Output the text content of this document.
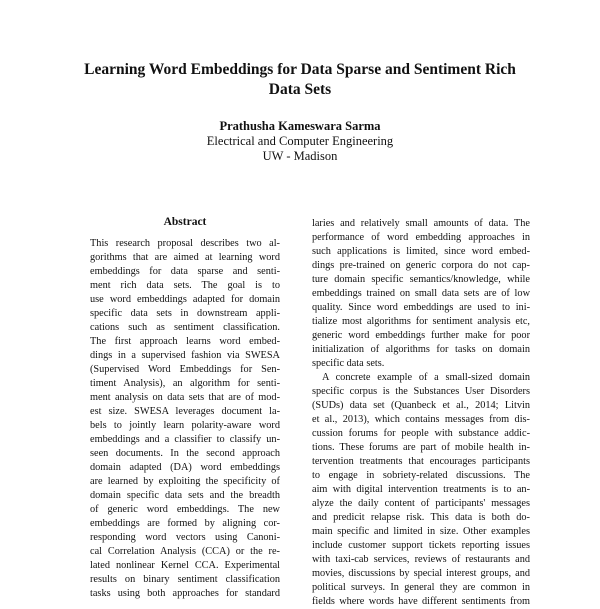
Learning Word Embeddings for Data Sparse and Sentiment Rich Data Sets
Prathusha Kameswara Sarma
Electrical and Computer Engineering
UW - Madison
Abstract
This research proposal describes two al-
gorithms that are aimed at learning word
embeddings for data sparse and senti-
ment rich data sets. The goal is to
use word embeddings adapted for domain
specific data sets in downstream appli-
cations such as sentiment classification.
The first approach learns word embed-
dings in a supervised fashion via SWESA
(Supervised Word Embeddings for Sen-
timent Analysis), an algorithm for senti-
ment analysis on data sets that are of mod-
est size. SWESA leverages document la-
bels to jointly learn polarity-aware word
embeddings and a classifier to classify un-
seen documents. In the second approach
domain adapted (DA) word embeddings
are learned by exploiting the specificity of
domain specific data sets and the breadth
of generic word embeddings. The new
embeddings are formed by aligning cor-
responding word vectors using Canoni-
cal Correlation Analysis (CCA) or the re-
lated nonlinear Kernel CCA. Experimental
results on binary sentiment classification
tasks using both approaches for standard
laries and relatively small amounts of data. The
performance of word embedding approaches in
such applications is limited, since word embed-
dings pre-trained on generic corpora do not cap-
ture domain specific semantics/knowledge, while
embeddings trained on small data sets are of low
quality. Since word embeddings are used to ini-
tialize most algorithms for sentiment analysis etc,
generic word embeddings further make for poor
initialization of algorithms for tasks on domain
specific data sets.
A concrete example of a small-sized domain
specific corpus is the Substances User Disorders
(SUDs) data set (Quanbeck et al., 2014; Litvin
et al., 2013), which contains messages from dis-
cussion forums for people with substance addic-
tions. These forums are part of mobile health in-
tervention treatments that encourages participants
to engage in sobriety-related discussions. The
aim with digital intervention treatments is to an-
alyze the daily content of participants' messages
and predicit relapse risk. This data is both do-
main specific and limited in size. Other examples
include customer support tickets reporting issues
with taxi-cab services, reviews of restaurants and
movies, discussions by special interest groups, and
political surveys. In general they are common in
fields where words have different sentiments from
